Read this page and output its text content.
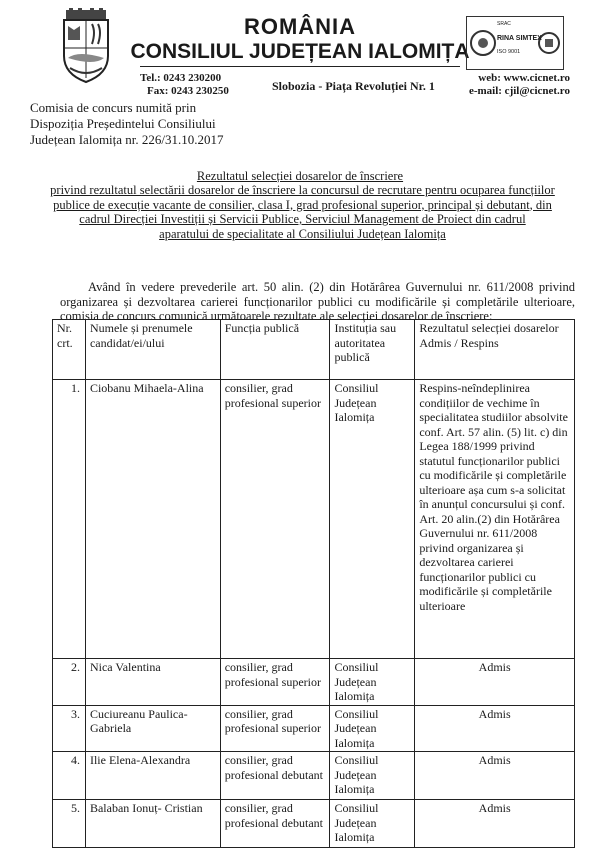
ROMÂNIA
CONSILIUL JUDEȚEAN IALOMIȚA
SRAC
RINA SIMTEX
ISO 9001
Tel.: 0243 230200
Fax: 0243 230250	Slobozia - Piața Revoluției Nr. 1
web: www.cicnet.ro
e-mail: cjil@cicnet.ro
Comisia de concurs numită prin
Dispoziția Președintelui Consiliului
Județean Ialomița nr. 226/31.10.2017
Rezultatul selecției dosarelor de înscriere
privind rezultatul selectării dosarelor de înscriere la concursul de recrutare pentru ocuparea funcțiilor
publice de execuție vacante de consilier, clasa I, grad profesional superior, principal și debutant, din
cadrul Direcției Investiții și Servicii Publice, Serviciul Management de Proiect din cadrul
aparatului de specialitate al Consiliului Județean Ialomița
Având în vedere prevederile art. 50 alin. (2) din Hotărârea Guvernului nr. 611/2008 privind organizarea și dezvoltarea carierei funcționarilor publici cu modificările și completările ulterioare, comisia de concurs comunică următoarele rezultate ale selecției dosarelor de înscriere:
Nr. crt.	Numele și prenumele candidat/ei/ului	Funcția publică	Instituția sau autoritatea publică	Rezultatul selecției dosarelor Admis / Respins
1.	Ciobanu Mihaela-Alina	consilier, grad profesional superior	Consiliul Județean Ialomița	Respins-neîndeplinirea condițiilor de vechime în specialitatea studiilor absolvite conf. Art. 57 alin. (5) lit. c) din Legea 188/1999 privind statutul funcționarilor publici cu modificările și completările ulterioare așa cum s-a solicitat în anunțul concursului și conf. Art. 20 alin.(2) din Hotărârea Guvernului nr. 611/2008 privind organizarea și dezvoltarea carierei funcționarilor publici cu modificările și completările ulterioare
2.	Nica Valentina	consilier, grad profesional superior	Consiliul Județean Ialomița	Admis
3.	Cuciureanu Paulica-Gabriela	consilier, grad profesional superior	Consiliul Județean Ialomița	Admis
4.	Ilie Elena-Alexandra	consilier, grad profesional debutant	Consiliul Județean Ialomița	Admis
5.	Balaban Ionuț- Cristian	consilier, grad profesional debutant	Consiliul Județean Ialomița	Admis
